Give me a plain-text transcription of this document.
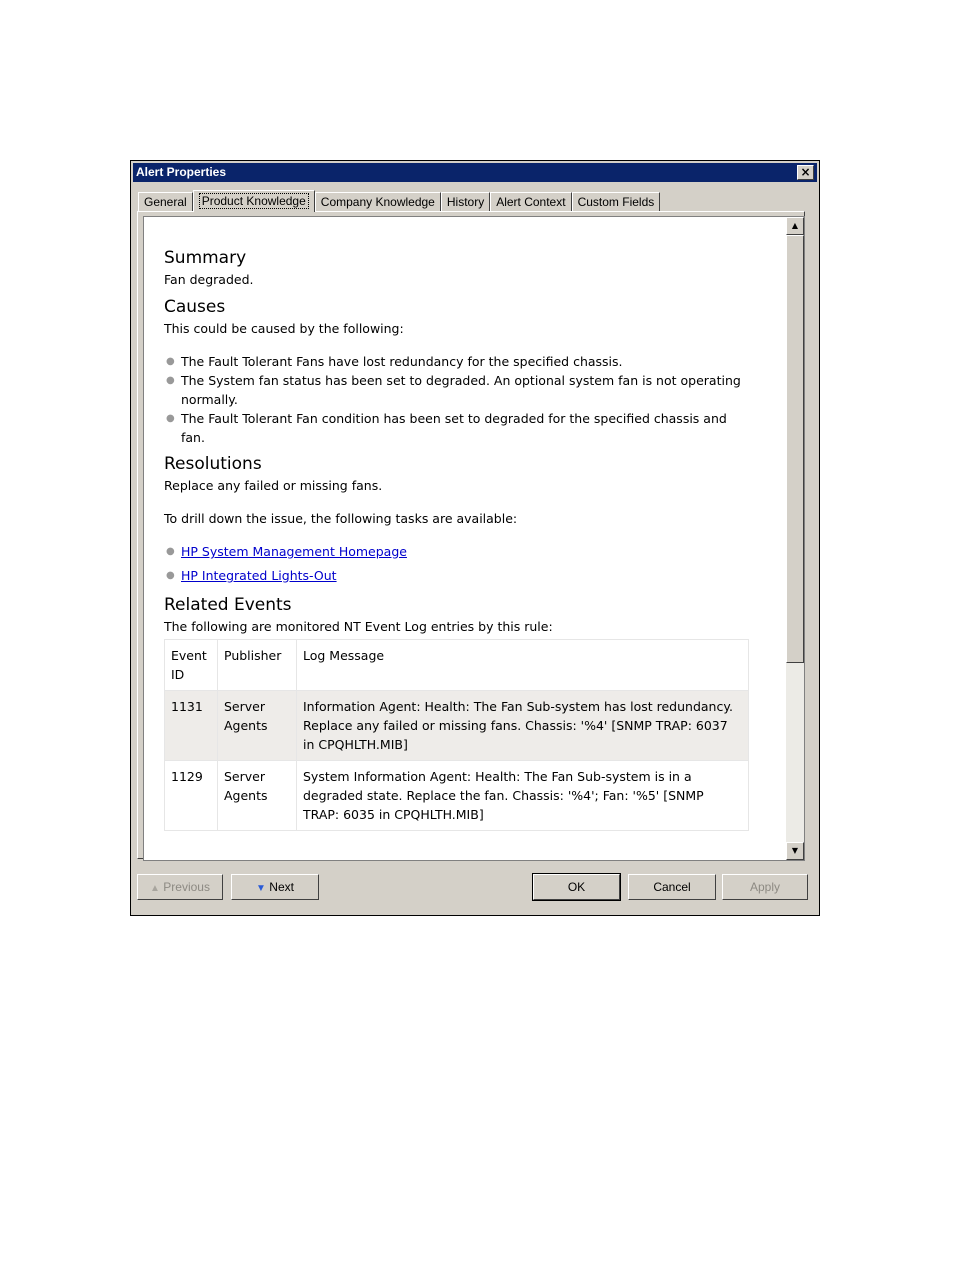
Alert Properties	×
General	Product Knowledge	Company Knowledge	History	Alert Context	Custom Fields
Summary

Fan degraded.

Causes

This could be caused by the following:

● The Fault Tolerant Fans have lost redundancy for the specified chassis.
● The System fan status has been set to degraded. An optional system fan is not operating normally.
● The Fault Tolerant Fan condition has been set to degraded for the specified chassis and fan.
Resolutions

Replace any failed or missing fans.

To drill down the issue, the following tasks are available:

● HP System Management Homepage
● HP Integrated Lights-Out
Related Events

The following are monitored NT Event Log entries by this rule:

Event ID	Publisher	Log Message
1131	Server Agents	Information Agent: Health: The Fan Sub-system has lost redundancy. Replace any failed or missing fans. Chassis: '%4' [SNMP TRAP: 6037 in CPQHLTH.MIB]
1129	Server Agents	System Information Agent: Health: The Fan Sub-system is in a degraded state. Replace the fan. Chassis: '%4'; Fan: '%5' [SNMP TRAP: 6035 in CPQHLTH.MIB]
▲
▼
▲ Previous	▼ Next	OK	Cancel	Apply
